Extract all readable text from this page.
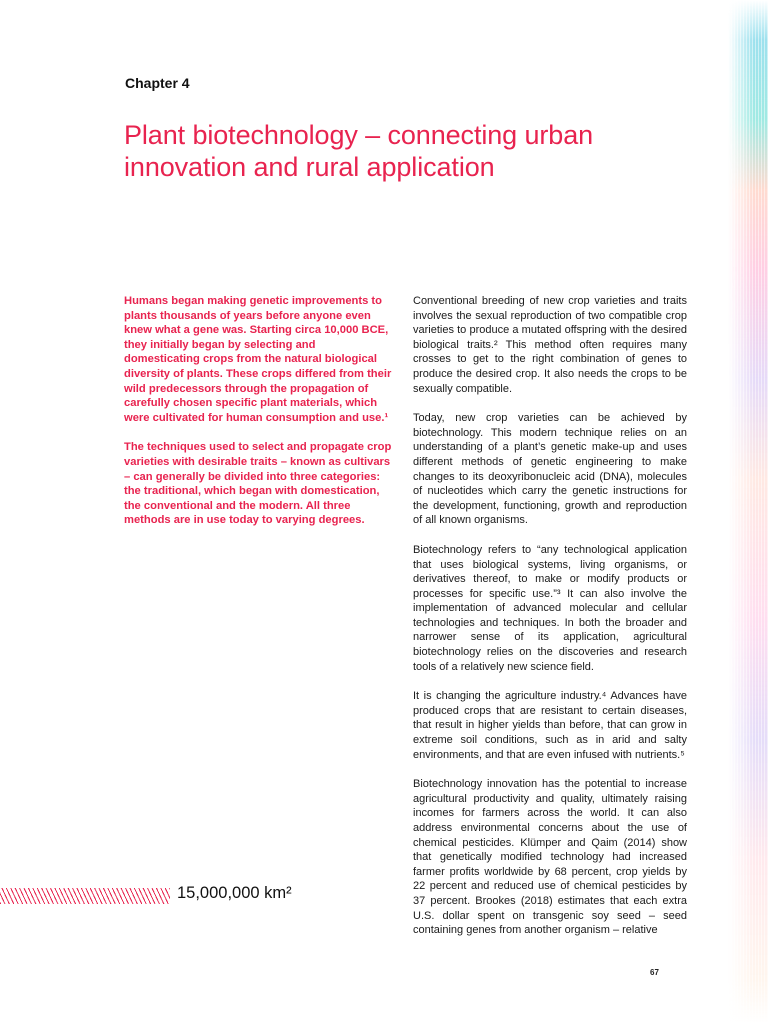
Chapter 4
Plant biotechnology – connecting urban innovation and rural application

Humans began making genetic improvements to plants thousands of years before anyone even knew what a gene was. Starting circa 10,000 BCE, they initially began by selecting and domesticating crops from the natural biological diversity of plants. These crops differed from their wild predecessors through the propagation of carefully chosen specific plant materials, which were cultivated for human consumption and use.¹

The techniques used to select and propagate crop varieties with desirable traits – known as cultivars – can generally be divided into three categories: the traditional, which began with domestication, the conventional and the modern. All three methods are in use today to varying degrees.

Conventional breeding of new crop varieties and traits involves the sexual reproduction of two compatible crop varieties to produce a mutated offspring with the desired biological traits.² This method often requires many crosses to get to the right combination of genes to produce the desired crop. It also needs the crops to be sexually compatible.

Today, new crop varieties can be achieved by biotechnology. This modern technique relies on an understanding of a plant’s genetic make-up and uses different methods of genetic engineering to make changes to its deoxyribonucleic acid (DNA), molecules of nucleotides which carry the genetic instructions for the development, functioning, growth and reproduction of all known organisms.

Biotechnology refers to “any technological application that uses biological systems, living organisms, or derivatives thereof, to make or modify products or processes for specific use.”³ It can also involve the implementation of advanced molecular and cellular technologies and techniques. In both the broader and narrower sense of its application, agricultural biotechnology relies on the discoveries and research tools of a relatively new science field.

It is changing the agriculture industry.⁴ Advances have produced crops that are resistant to certain diseases, that result in higher yields than before, that can grow in extreme soil conditions, such as in arid and salty environments, and that are even infused with nutrients.⁵

Biotechnology innovation has the potential to increase agricultural productivity and quality, ultimately raising incomes for farmers across the world. It can also address environmental concerns about the use of chemical pesticides. Klümper and Qaim (2014) show that genetically modified technology had increased farmer profits worldwide by 68 percent, crop yields by 22 percent and reduced use of chemical pesticides by 37 percent. Brookes (2018) estimates that each extra U.S. dollar spent on transgenic soy seed – seed containing genes from another organism – relative

15,000,000 km²
67
